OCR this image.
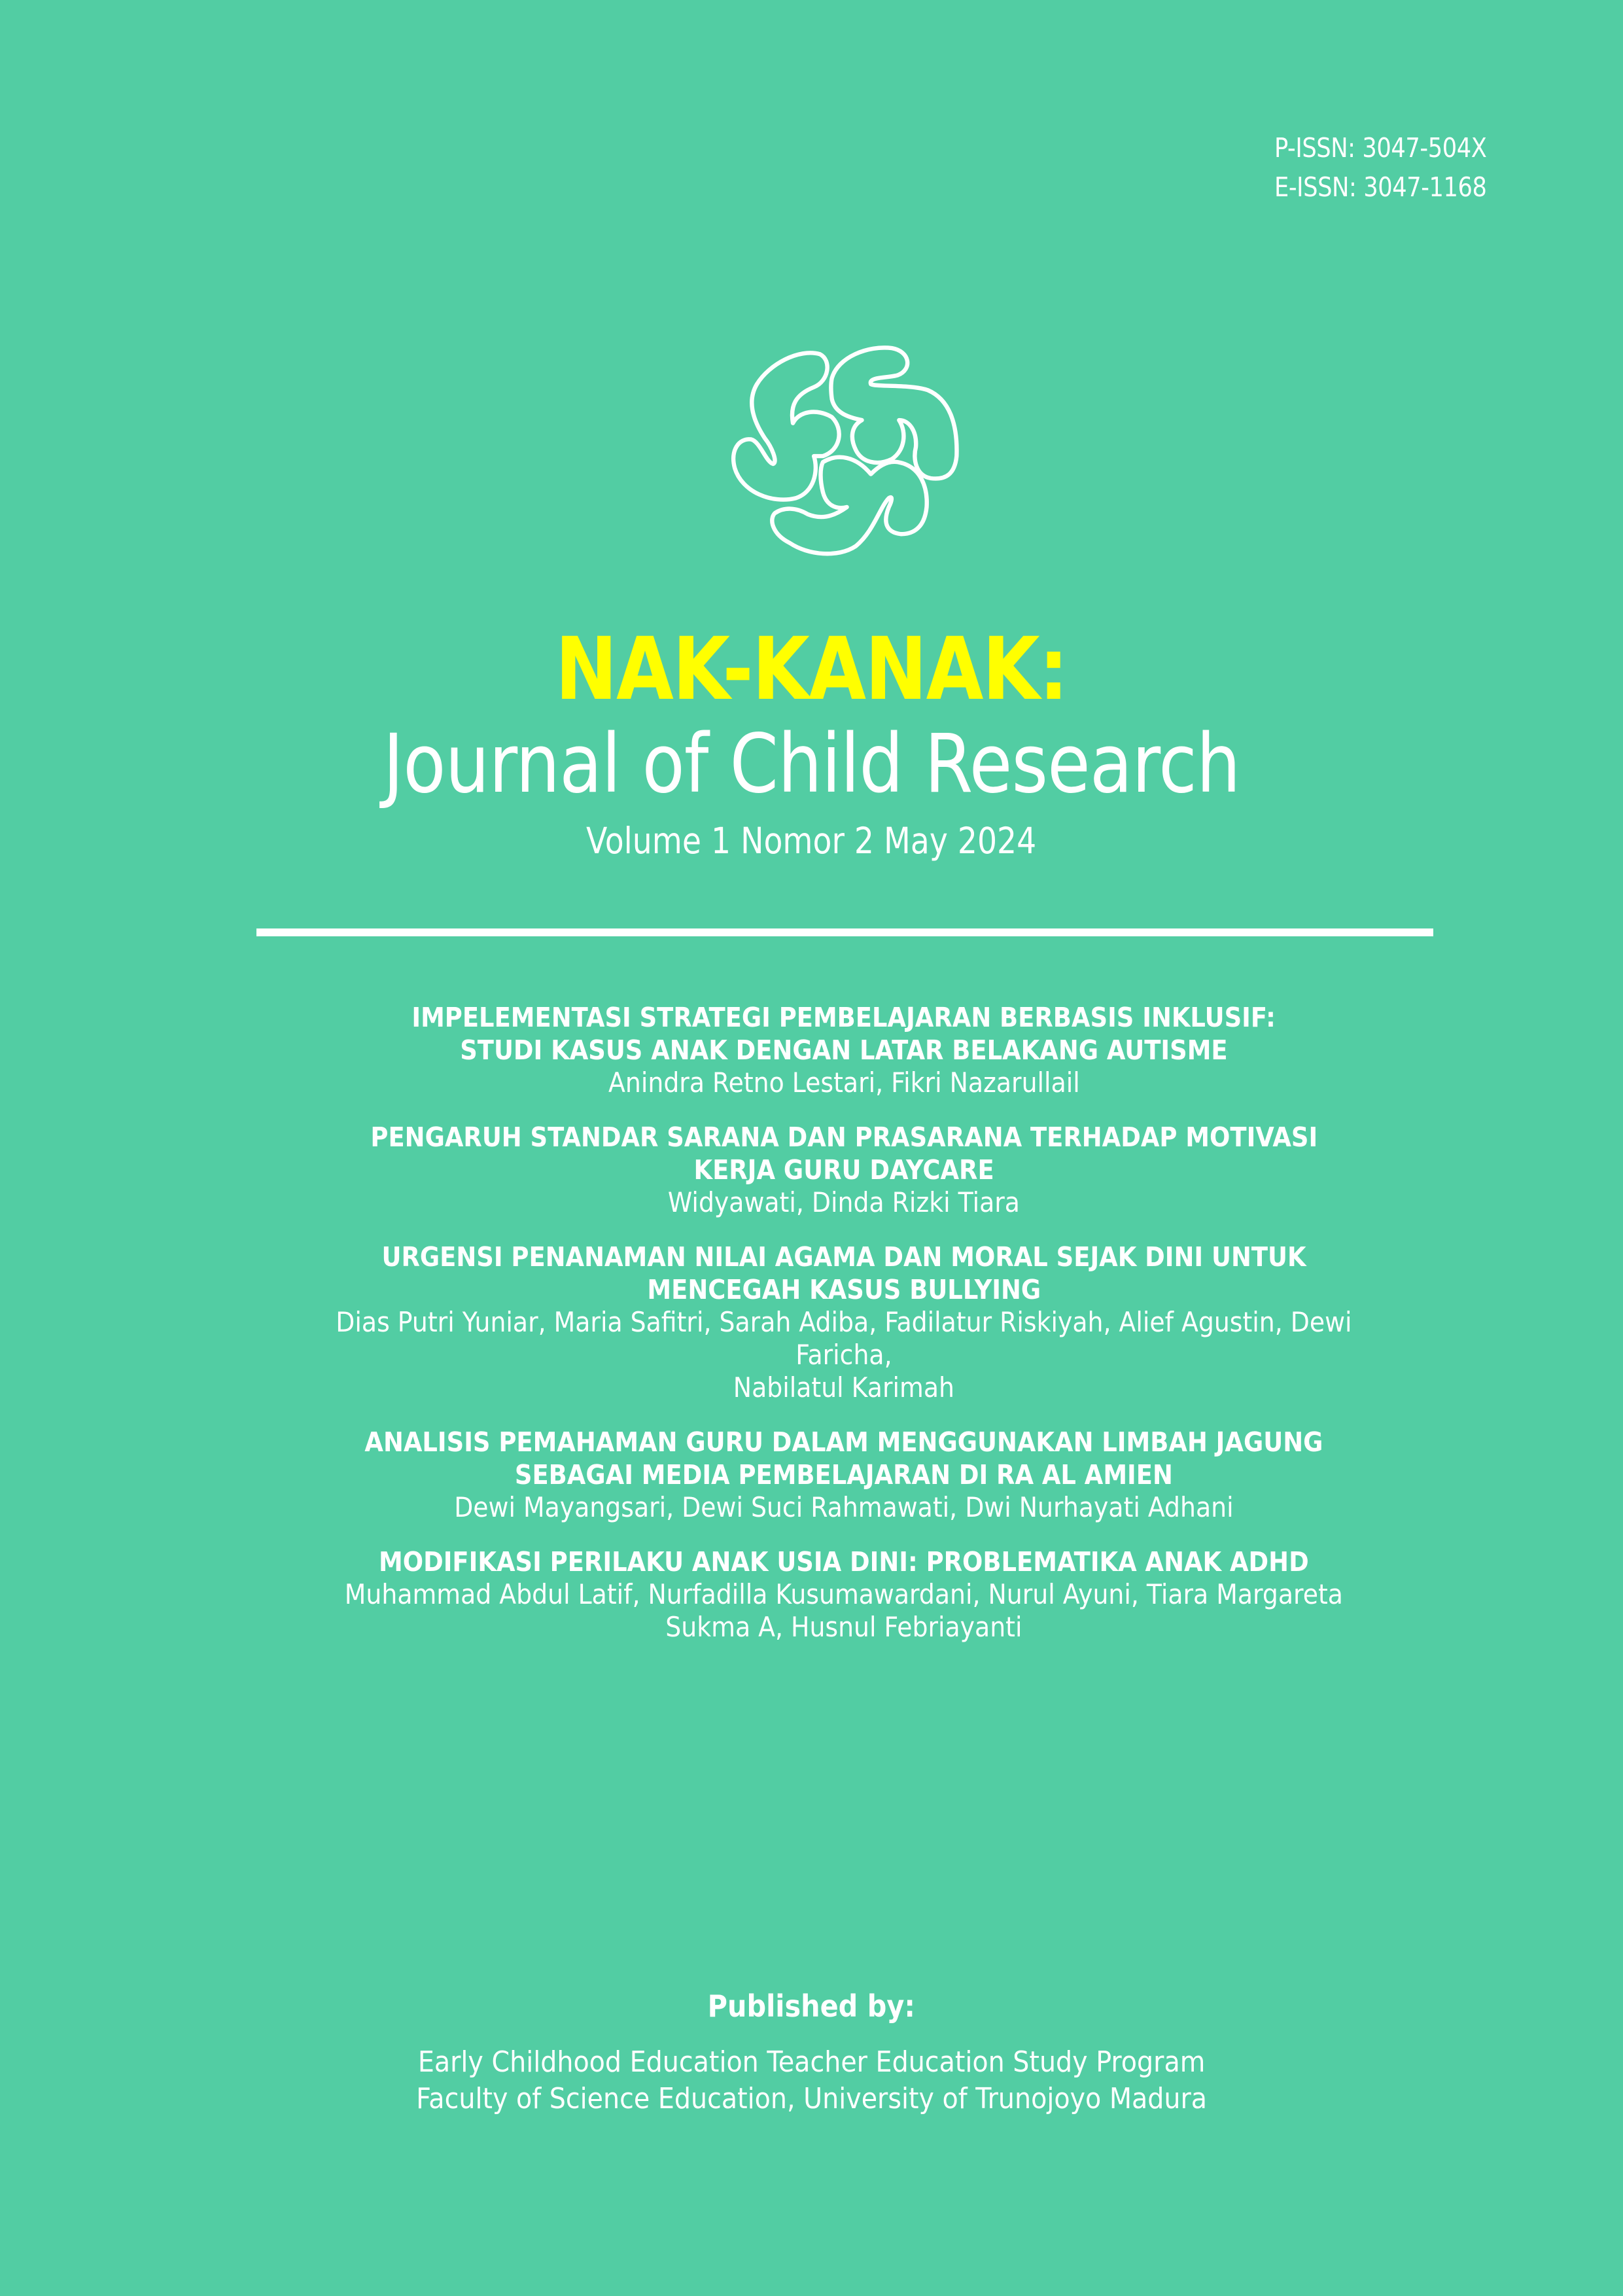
P-ISSN: 3047-504X
E-ISSN: 3047-1168
NAK-KANAK:
Journal of Child Research
Volume 1 Nomor 2 May 2024
IMPELEMENTASI STRATEGI PEMBELAJARAN BERBASIS INKLUSIF:
STUDI KASUS ANAK DENGAN LATAR BELAKANG AUTISME
Anindra Retno Lestari, Fikri Nazarullail
PENGARUH STANDAR SARANA DAN PRASARANA TERHADAP MOTIVASI
KERJA GURU DAYCARE
Widyawati, Dinda Rizki Tiara
URGENSI PENANAMAN NILAI AGAMA DAN MORAL SEJAK DINI UNTUK
MENCEGAH KASUS BULLYING
Dias Putri Yuniar, Maria Safitri, Sarah Adiba, Fadilatur Riskiyah, Alief Agustin, Dewi
Faricha,
Nabilatul Karimah
ANALISIS PEMAHAMAN GURU DALAM MENGGUNAKAN LIMBAH JAGUNG
SEBAGAI MEDIA PEMBELAJARAN DI RA AL AMIEN
Dewi Mayangsari, Dewi Suci Rahmawati, Dwi Nurhayati Adhani
MODIFIKASI PERILAKU ANAK USIA DINI: PROBLEMATIKA ANAK ADHD
Muhammad Abdul Latif, Nurfadilla Kusumawardani, Nurul Ayuni, Tiara Margareta
Sukma A, Husnul Febriayanti
Published by:
Early Childhood Education Teacher Education Study Program
Faculty of Science Education, University of Trunojoyo Madura
